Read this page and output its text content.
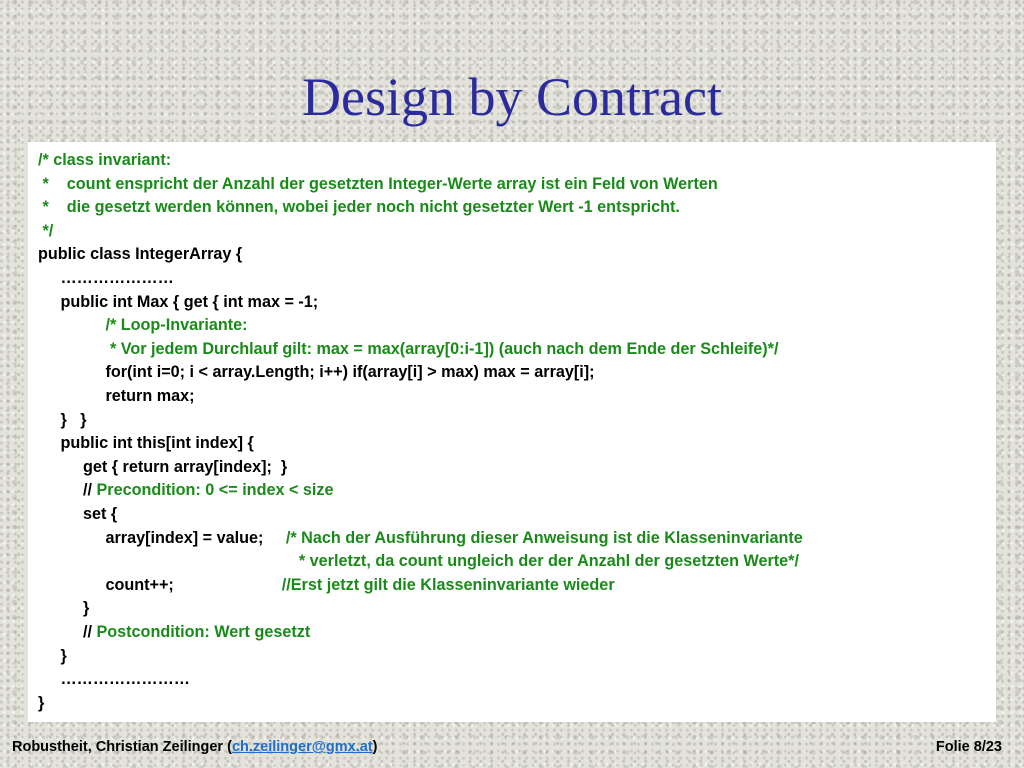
Design by Contract
/* class invariant:
*    count enspricht der Anzahl der gesetzten Integer-Werte array ist ein Feld von Werten
*    die gesetzt werden können, wobei jeder noch nicht gesetzter Wert -1 entspricht.
*/
public class IntegerArray {
…………………
public int Max { get { int max = -1;
/* Loop-Invariante:
* Vor jedem Durchlauf gilt: max = max(array[0:i-1]) (auch nach dem Ende der Schleife)*/
for(int i=0; i < array.Length; i++) if(array[i] > max) max = array[i];
return max;
}   }
public int this[int index] {
get { return array[index];  }
// Precondition: 0 <= index < size
set {
array[index] = value;     /* Nach der Ausführung dieser Anweisung ist die Klasseninvariante
* verletzt, da count ungleich der der Anzahl der gesetzten Werte*/
count++;                        //Erst jetzt gilt die Klasseninvariante wieder
}
// Postcondition: Wert gesetzt
}
……………………
}
Robustheit, Christian Zeilinger (ch.zeilinger@gmx.at)	Folie 8/23
